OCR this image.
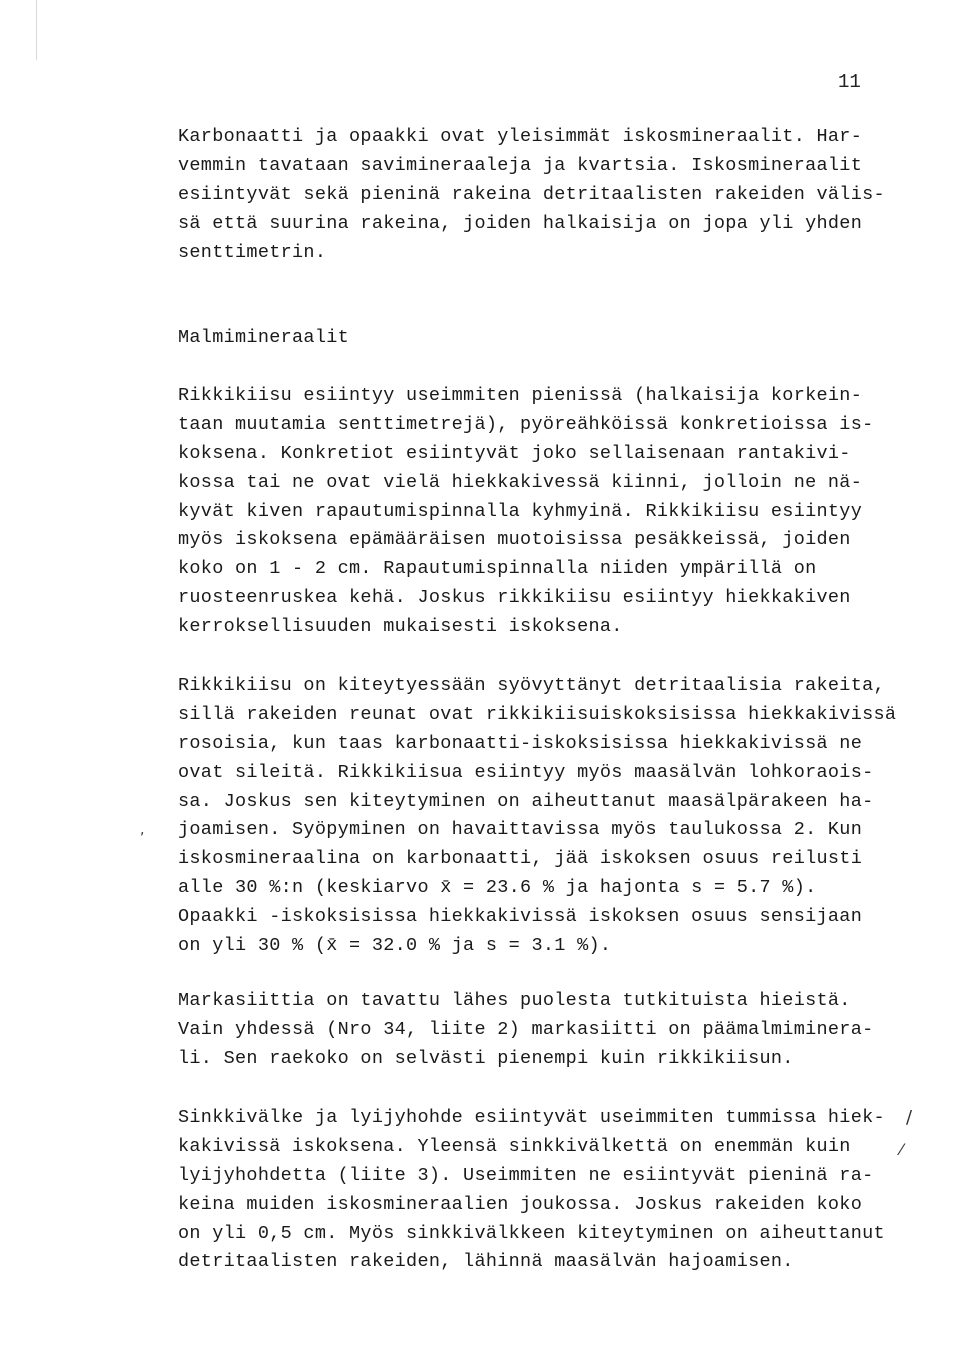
11
Karbonaatti ja opaakki ovat yleisimmät iskosmineraalit. Har-
vemmin tavataan savimineraaleja ja kvartsia. Iskosmineraalit
esiintyvät sekä pieninä rakeina detritaalisten rakeiden välis-
sä että suurina rakeina, joiden halkaisija on jopa yli yhden
senttimetrin.
Malmimineraalit
Rikkikiisu esiintyy useimmiten pienissä (halkaisija korkein-
taan muutamia senttimetrejä), pyöreähköissä konkretioissa is-
koksena. Konkretiot esiintyvät joko sellaisenaan rantakivi-
kossa tai ne ovat vielä hiekkakivessä kiinni, jolloin ne nä-
kyvät kiven rapautumispinnalla kyhmyinä. Rikkikiisu esiintyy
myös iskoksena epämääräisen muotoisissa pesäkkeissä, joiden
koko on 1 - 2 cm. Rapautumispinnalla niiden ympärillä on
ruosteenruskea kehä. Joskus rikkikiisu esiintyy hiekkakiven
kerroksellisuuden mukaisesti iskoksena.
Rikkikiisu on kiteytyessään syövyttänyt detritaalisia rakeita,
sillä rakeiden reunat ovat rikkikiisuiskoksisissa hiekkakivissä
rosoisia, kun taas karbonaatti-iskoksisissa hiekkakivissä ne
ovat sileitä. Rikkikiisua esiintyy myös maasälvän lohkoraois-
sa. Joskus sen kiteytyminen on aiheuttanut maasälpärakeen ha-
joamisen. Syöpyminen on havaittavissa myös taulukossa 2. Kun
iskosmineraalina on karbonaatti, jää iskoksen osuus reilusti
alle 30 %:n (keskiarvo x̄ = 23.6 % ja hajonta s = 5.7 %).
Opaakki -iskoksisissa hiekkakivissä iskoksen osuus sensijaan
on yli 30 % (x̄ = 32.0 % ja s = 3.1 %).
Markasiittia on tavattu lähes puolesta tutkituista hieistä.
Vain yhdessä (Nro 34, liite 2) markasiitti on päämalmiminera-
li. Sen raekoko on selvästi pienempi kuin rikkikiisun.
Sinkkivälke ja lyijyhohde esiintyvät useimmiten tummissa hiek-
kakivissä iskoksena. Yleensä sinkkivälkettä on enemmän kuin
lyijyhohdetta (liite 3). Useimmiten ne esiintyvät pieninä ra-
keina muiden iskosmineraalien joukossa. Joskus rakeiden koko
on yli 0,5 cm. Myös sinkkivälkkeen kiteytyminen on aiheuttanut
detritaalisten rakeiden, lähinnä maasälvän hajoamisen.
,
/
⁄
